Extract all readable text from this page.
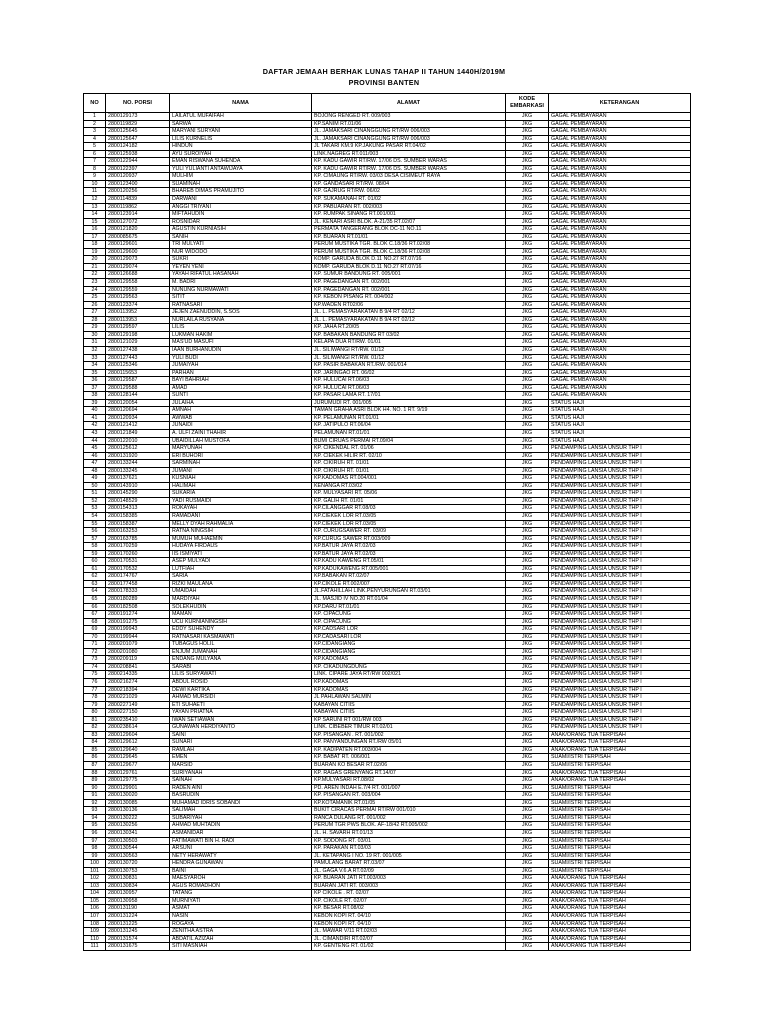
DAFTAR JEMAAH BERHAK LUNAS TAHAP II TAHUN 1440H/2019M
PROVINSI BANTEN
NO	NO. PORSI	NAMA	ALAMAT	KODE EMBARKASI	KETERANGAN
1	2800129173	LAILATUL MUFAIFAH	BOJONG RENGED RT. 009/003	JKG	GAGAL PEMBAYARAN
2	2800119829	SARWA	KP.SANIM RT.01/06	JKG	GAGAL PEMBAYARAN
3	2800125645	MARYANI SURYANI	JL. JAMAKSARI CINANGGUNG RT/RW 006/003	JKG	GAGAL PEMBAYARAN
4	2800125647	LILIS KURNELIS	JL. JAMAKSARI CINANGGUNG RT/RW 006/003	JKG	GAGAL PEMBAYARAN
5	2800124182	HINDUN	JL TAKARI KM.9 KP.JAKUNG PASAR RT.04/02	JKG	GAGAL PEMBAYARAN
6	2800125938	AYU SUROIYAH	LINK.NAGREG RT.011/003	JKG	GAGAL PEMBAYARAN
7	2800122944	EMAN RISWANA SUHENDA	KP. KADU GAWIR RT/RW. 17/06 DS. SUMBER WARAS	JKG	GAGAL PEMBAYARAN
8	2800122397	YULI YULIANTI ANTAWIJAYA	KP. KADU GAWIR RT/RW. 17/06 DS. SUMBER WARAS	JKG	GAGAL PEMBAYARAN
9	2800120937	MULHIM	KP. CIMAUNG RT/RW. 03/03 DESA CISIMEUT RAYA	JKG	GAGAL PEMBAYARAN
10	2800123400	SUAMINAH	KP. GANDASARI RT/RW. 08/04	JKG	GAGAL PEMBAYARAN
11	2800120256	BHAREB DIMAS PRAMUJITO	KP. GAJRUG RT/RW. 06/02	JKG	GAGAL PEMBAYARAN
12	2800114839	DARWANI	KP. SUKAMANAH RT. 01/02	JKG	GAGAL PEMBAYARAN
13	2800119862	ANGGI TRIYANI	KP. PABUARAN RT. 002/003	JKG	GAGAL PEMBAYARAN
14	2800123914	MIFTAHUDIN	KP. RUMPAK SINANG RT.001/001	JKG	GAGAL PEMBAYARAN
15	2800127072	ROSNIDAR	JL. KENARI ASRI BLOK. A-21/35 RT.02/07	JKG	GAGAL PEMBAYARAN
16	2800121820	AGUSTIN KURNIASIH	PERMATA TANGERANG BLOK DC-11 NO.11	JKG	GAGAL PEMBAYARAN
17	2800085675	SANIH	KP. BUARAN RT.01/01	JKG	GAGAL PEMBAYARAN
18	2800129601	TRI MULYATI	PERUM MUSTIKA TGR. BLOK C.18/36 RT.02/08	JKG	GAGAL PEMBAYARAN
19	2800129600	NUR WIDODO	PERUM MUSTIKA TGR. BLOK C.18/36 RT.02/08	JKG	GAGAL PEMBAYARAN
20	2800129073	SUKRI	KOMP. GARUDA BLOK D.11 NO.27 RT.07/16	JKG	GAGAL PEMBAYARAN
21	2800129074	YEYEN YENI	KOMP. GARUDA BLOK D.11 NO.27 RT.07/16	JKG	GAGAL PEMBAYARAN
22	2800126688	YAYAH RIFATUL HASANAH	KP. SUMUR BANDUNG RT. 005/001	JKG	GAGAL PEMBAYARAN
23	2800129558	M. BADRI	KP. PAGEDANGAN RT. 002/001	JKG	GAGAL PEMBAYARAN
24	2800129559	NUNUNG NURMAWATI	KP. PAGEDANGAN RT. 002/001	JKG	GAGAL PEMBAYARAN
25	2800129563	SITIT	KP. KEBON PISANG RT. 004/002	JKG	GAGAL PEMBAYARAN
26	2800123374	RATNASARI	KP.WADEN RT02/06	JKG	GAGAL PEMBAYARAN
27	2800113952	JEJEN ZAENUDDIN, S.SOS	JL. L. PEMASYARAKATAN B 9/4 RT 02/12	JKG	GAGAL PEMBAYARAN
28	2800113953	NURLAILA RUSYANA	JL. L. PEMASYARAKATAN B 9/4 RT 02/12	JKG	GAGAL PEMBAYARAN
29	2800129597	LILIS	KP. JAHA RT.20/05	JKG	GAGAL PEMBAYARAN
30	2800129198	LUKMAN HAKIM	KP. BABAKAN BANDUNG RT 03/02	JKG	GAGAL PEMBAYARAN
31	2800121029	MAS'UD MASUFI	KELAPA DUA RT/RW. 01/01	JKG	GAGAL PEMBAYARAN
32	2800127438	IAAN BURHANUDIN	JL. SILIWANGI RT/RW. 01/12	JKG	GAGAL PEMBAYARAN
33	2800127443	YULI BUDI	JL. SILIWANGI RT/RW. 01/12	JKG	GAGAL PEMBAYARAN
34	2800125346	JUMAIYAH	KP. PASIR BABAKAN RT./RW. 001/014	JKG	GAGAL PEMBAYARAN
35	2800115653	PARHAN	KP. JARINGAO RT. 06/02	JKG	GAGAL PEMBAYARAN
36	2800129587	BAYI BAHRIAH	KP. HULUCAI RT.06/03	JKG	GAGAL PEMBAYARAN
37	2800129588	AMAD	KP. HULUCAI RT.06/03	JKG	GAGAL PEMBAYARAN
38	2800128144	SUNTI	KP. PASAR LAMA RT. 17/01	JKG	GAGAL PEMBAYARAN
39	2800120054	JULAIHA	JURUMUDI RT. 001/005	JKG	STATUS HAJI
40	2800120694	AMNAH	TAMAN GRAHA ASRI BLOK H4. NO. 1 RT. 9/19	JKG	STATUS HAJI
41	2800120934	AWWAB	KP. PELAMUNAN RT.01/01	JKG	STATUS HAJI
42	2800121412	JUNAIDI	KP. JATIPULO RT.06/04	JKG	STATUS HAJI
43	2800121849	A. ULFI ZAINI THAHIR	PELAMUNAN RT.01/01	JKG	STATUS HAJI
44	2800122010	UBAIDILLAH MUSTOFA	BUMI CIRUAS PERMAI RT.09/04	JKG	STATUS HAJI
45	2800125612	MARYUNAH	KP. CIKENDAL RT. 01/06	JKG	PENDAMPING LANSIA UNSUR THP I
46	2800131920	ERI BUHORI	KP. CIEKEK HILIR RT. 02/10	JKG	PENDAMPING LANSIA UNSUR THP I
47	2800133244	SARMINAH	KP. CIKIRUH RT. 01/01	JKG	PENDAMPING LANSIA UNSUR THP I
48	2800133245	JUMANI	KP. CIKIRUH RT. 01/01	JKG	PENDAMPING LANSIA UNSUR THP I
49	2800137621	KUSNIAH	KP.KADOMAS RT.004/001	JKG	PENDAMPING LANSIA UNSUR THP I
50	2800143910	HALIMAH	KENANGA RT.03/02	JKG	PENDAMPING LANSIA UNSUR THP I
51	2800145290	SUKARIA	KP. MULYASARI RT. 05/06	JKG	PENDAMPING LANSIA UNSUR THP I
52	2800148529	YADI RUSMAIDI	KP. GALIH RT. 01/01	JKG	PENDAMPING LANSIA UNSUR THP I
53	2800154313	ROKAYAH	KP.CILANGGAR RT.08/03	JKG	PENDAMPING LANSIA UNSUR THP I
54	2800158385	RAMADANI	KP.CIEKEK LOR RT.03/05	JKG	PENDAMPING LANSIA UNSUR THP I
55	2800158387	MELLY DYAH RAHMALIA	KP.CIEKEK LOR RT.03/05	JKG	PENDAMPING LANSIA UNSUR THP I
56	2800163253	RATNA NINGSIH	KP. CURUGSAWER RT. 03/09	JKG	PENDAMPING LANSIA UNSUR THP I
57	2800163785	MUMUH MUHAEMIN	KP.CURUG SAWER RT.003/009	JKG	PENDAMPING LANSIA UNSUR THP I
58	2800170259	HUDAYA FIRDAUS	KP.BATUR JAYA RT.02/03	JKG	PENDAMPING LANSIA UNSUR THP I
59	2800170260	IIS ISMIYATI	KP.BATUR JAYA RT.02/03	JKG	PENDAMPING LANSIA UNSUR THP I
60	2800170531	ASEP MULYADI	KP.KADU KAWENG RT.05/01	JKG	PENDAMPING LANSIA UNSUR THP I
61	2800170532	LUTFIAH	KP.KADUKAWENG RT.005/001	JKG	PENDAMPING LANSIA UNSUR THP I
62	2800174767	SARIA	KP.BABAKAN RT.02/07	JKG	PENDAMPING LANSIA UNSUR THP I
63	2800177458	RIZKI MAULANA	KP.CIKOLE RT.002/007	JKG	PENDAMPING LANSIA UNSUR THP I
64	2800178333	UMAIDAH	JL.FATAHILLAH LINK.PENYURUNGAN RT.03/01	JKG	PENDAMPING LANSIA UNSUR THP I
65	2800180289	MARDIYAH	JL. MASJID IV NO.20 RT.01/04	JKG	PENDAMPING LANSIA UNSUR THP I
66	2800182508	SOLEKHUDIN	KP.DARU RT.01/01	JKG	PENDAMPING LANSIA UNSUR THP I
67	2800191274	MAMAN	KP. CIPACUNG	JKG	PENDAMPING LANSIA UNSUR THP I
68	2800191275	UCU KURNIANINGSIH	KP. CIPACUNG	JKG	PENDAMPING LANSIA UNSUR THP I
69	2800199943	EDDY SUHENDY	KP.CADSARI LOR	JKG	PENDAMPING LANSIA UNSUR THP I
70	2800199944	RATNASARI KASMAWATI	KP.CADASARI LOR	JKG	PENDAMPING LANSIA UNSUR THP I
71	2800201079	TUBAGUS HOLIL	KP.CIDANGIANG	JKG	PENDAMPING LANSIA UNSUR THP I
72	2800201080	ENJUM JUMANAH	KP.CIDANGIANG	JKG	PENDAMPING LANSIA UNSUR THP I
73	2800209119	ENDANG MULYANA	KP.KADOMAS	JKG	PENDAMPING LANSIA UNSUR THP I
74	2800208841	SARABI	KP. CIKADUNGDUNG	JKG	PENDAMPING LANSIA UNSUR THP I
75	2800214335	LILIS SURYAWATI	LINK. CIPARE JAYA RT/RW 002/021	JKG	PENDAMPING LANSIA UNSUR THP I
76	2800216274	ABDUL ROSID	KP.KADOMAS	JKG	PENDAMPING LANSIA UNSUR THP I
77	2800218394	DEWI KARTIKA	KP.KADOMAS	JKG	PENDAMPING LANSIA UNSUR THP I
78	2800221029	AHMAD MURSIDI	JL PAHLAWAN SALMIN	JKG	PENDAMPING LANSIA UNSUR THP I
79	2800227149	ETI SUHAETI	KABAYAN CITIIS	JKG	PENDAMPING LANSIA UNSUR THP I
80	2800227150	YAYAN PRIATNA	KABAYAN CITIIS	JKG	PENDAMPING LANSIA UNSUR THP I
81	2800235410	IWAN SETIAWAN	KP SARUNI RT 001/RW 003	JKG	PENDAMPING LANSIA UNSUR THP I
82	2800238614	GUNAWAN HERDIYANTO	LINK. CIBEBER TIMUR RT.02/01	JKG	PENDAMPING LANSIA UNSUR THP I
83	2800129604	SAINI	KP. PISANGAN . RT. 001/002	JKG	ANAK/ORANG TUA TERPISAH
84	2800129612	SUNARI	KP. PANYANDUNGAN RT./RW 05/01	JKG	ANAK/ORANG TUA TERPISAH
85	2800129640	RAMLAH	KP. KADIPATEN RT.003/004	JKG	ANAK/ORANG TUA TERPISAH
86	2800129645	EMEN	KP. BABAT RT. 006/001	JKG	SUAMI/ISTRI TERPISAH
87	2800129677	MARSID	BUARAN KO BESAR RT.02/06	JKG	SUAMI/ISTRI TERPISAH
88	2800129761	SURIYANAH	KP. RAGAS GRENYANG RT.14/07	JKG	ANAK/ORANG TUA TERPISAH
89	2800129775	SAINAH	KP.MULYASARI RT.08/02	JKG	ANAK/ORANG TUA TERPISAH
90	2800129901	RADEN AINI	PD. AREN INDAH E.7/4 RT. 001/007	JKG	SUAMI/ISTRI TERPISAH
91	2800130020	BASRUDIN	KP. PISANGAN RT. 003/004	JKG	SUAMI/ISTRI TERPISAH
92	2800130085	MUHAMAD IDRIS SOBANDI	KP.KOTAMANIK RT.01/05	JKG	SUAMI/ISTRI TERPISAH
93	2800130136	SALIMAH	BUKIT CIRACAS PERMAI RT/RW 001/010	JKG	SUAMI/ISTRI TERPISAH
94	2800130222	SUBARIYAH	RANCA DULANG RT. 001/002	JKG	SUAMI/ISTRI TERPISAH
95	2800130256	AHMAD MUHTADIN	PERUM TGR PWS BLOK. AF-18/42 RT.005/002	JKG	SUAMI/ISTRI TERPISAH
96	2800130341	ASMANIDAR	JL. H. SAVARH RT.01/13	JKG	SUAMI/ISTRI TERPISAH
97	2800130503	FATIMAWATI BIN H. RADI	KP. SODONG RT. 03/01	JKG	SUAMI/ISTRI TERPISAH
98	2800130544	ARSUNI	KP. PARAKAN RT.03/03	JKG	SUAMI/ISTRI TERPISAH
99	2800130563	NETY HERAWATY	JL. KETAPANG I NO. 19 RT. 001/005	JKG	SUAMI/ISTRI TERPISAH
100	2800130720	HENDRA GUNAWAN	PAMULANG BARAT RT.03/07	JKG	SUAMI/ISTRI TERPISAH
101	2800130753	BAINI	JL. GAGA V.6.A RT.02/09	JKG	SUAMI/ISTRI TERPISAH
102	2800130831	MAESYAROH	KP. BUARAN JATI RT.003/003	JKG	ANAK/ORANG TUA TERPISAH
103	2800130834	AGUS ROMADHON	BUARAN JATI RT. 003/003	JKG	ANAK/ORANG TUA TERPISAH
104	2800130957	TATANG	KP CIKOLE . RT. 02/07	JKG	ANAK/ORANG TUA TERPISAH
105	2800130958	MURNIYATI	KP. CIKOLE RT. 02/07	JKG	ANAK/ORANG TUA TERPISAH
106	2800131190	ASMAT	KP. BESAR RT.08/02	JKG	ANAK/ORANG TUA TERPISAH
107	2800131224	NASIN	KEBON KOPI RT. 04/10	JKG	ANAK/ORANG TUA TERPISAH
108	2800131225	ROGAYA	KEBON KOPI RT. 04/10	JKG	ANAK/ORANG TUA TERPISAH
109	2800131245	ZENITHA ASTRA	JL. MAWAR V/11 RT.02/03	JKG	ANAK/ORANG TUA TERPISAH
110	2800131574	ABDATIL AZIZAH	JL. CIMANDIRI RT.02/07	JKG	ANAK/ORANG TUA TERPISAH
111	2800131675	SITI MASNIAH	KP. GENTENG RT. 01/02	JKG	ANAK/ORANG TUA TERPISAH
